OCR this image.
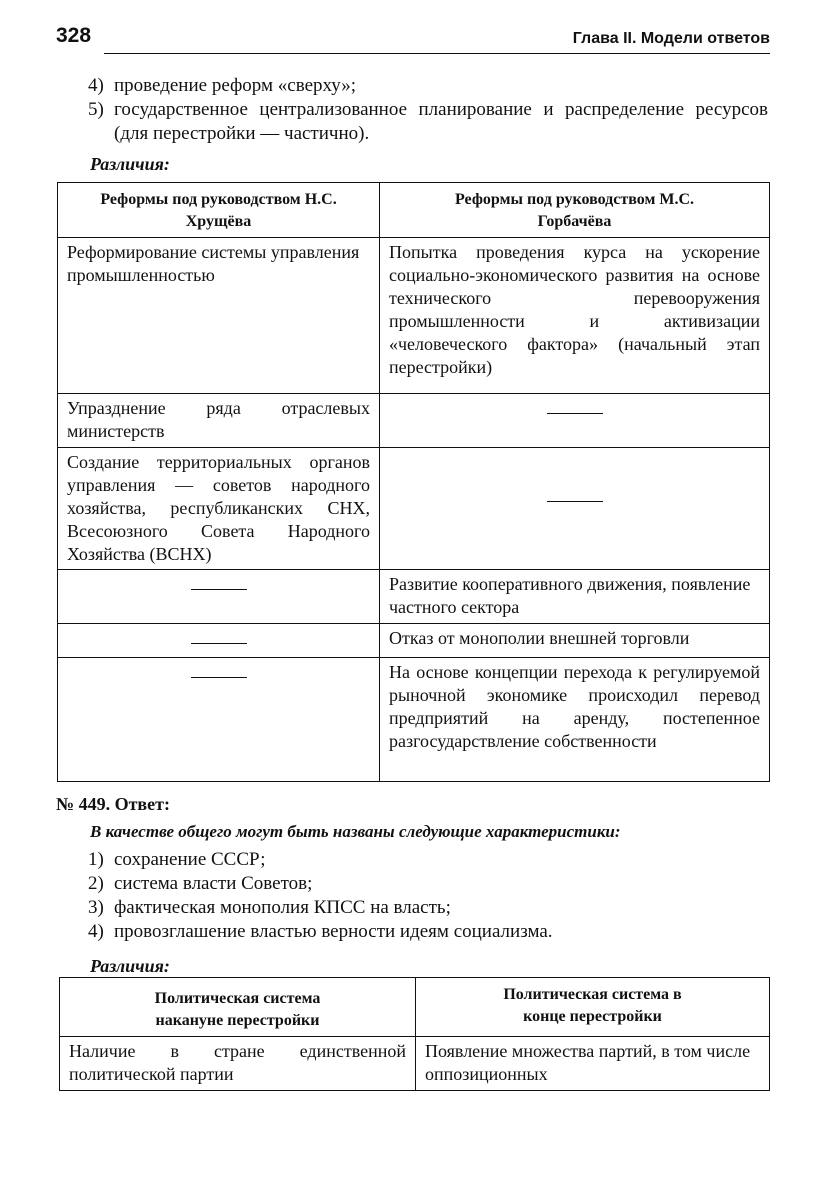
328	Глава II. Модели ответов
4) проведение реформ «сверху»;
5) государственное централизованное планирование и распределение ресурсов (для перестройки — частично).
Различия:
Реформы под руководством Н.С. Хрущёва	Реформы под руководством М.С. Горбачёва
Реформирование системы управления промышленностью	Попытка проведения курса на ускорение социально-экономического развития на основе технического перевооружения промышленности и активизации «человеческого фактора» (начальный этап перестройки)
Упразднение ряда отраслевых министерств	
Создание территориальных органов управления — советов народного хозяйства, республиканских СНХ, Всесоюзного Совета Народного Хозяйства (ВСНХ)	
	Развитие кооперативного движения, появление частного сектора
	Отказ от монополии внешней торговли
	На основе концепции перехода к регулируемой рыночной экономике происходил перевод предприятий на аренду, постепенное разгосударствление собственности
№ 449. Ответ:
В качестве общего могут быть названы следующие характеристики:
1) сохранение СССР;
2) система власти Советов;
3) фактическая монополия КПСС на власть;
4) провозглашение властью верности идеям социализма.
Различия:
Политическая система накануне перестройки	Политическая система в конце перестройки
Наличие в стране единственной политической партии	Появление множества партий, в том числе оппозиционных
